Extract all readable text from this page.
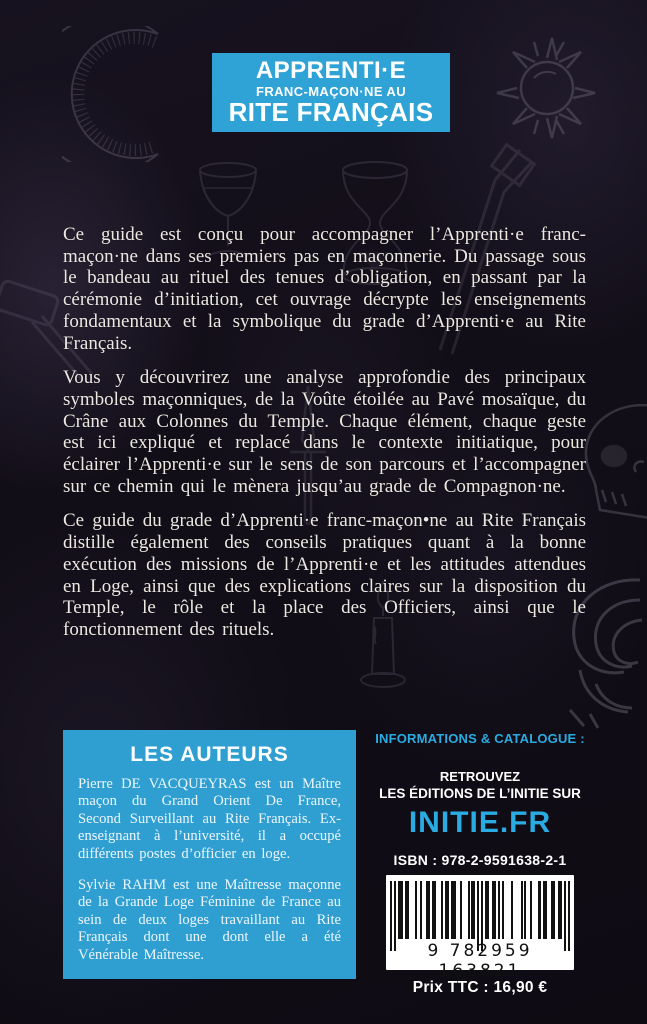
APPRENTI·E
FRANC-MAÇON·NE AU
RITE FRANÇAIS

Ce guide est conçu pour accompagner l’Apprenti·e franc-maçon·ne dans ses premiers pas en maçonnerie. Du passage sous le bandeau au rituel des tenues d’obligation, en passant par la cérémonie d’initiation, cet ouvrage décrypte les enseignements fondamentaux et la symbolique du grade d’Apprenti·e au Rite Français.

Vous y découvrirez une analyse approfondie des principaux symboles maçonniques, de la Voûte étoilée au Pavé mosaïque, du Crâne aux Colonnes du Temple. Chaque élément, chaque geste est ici expliqué et replacé dans le contexte initiatique, pour éclairer l’Apprenti·e sur le sens de son parcours et l’accompagner sur ce chemin qui le mènera jusqu’au grade de Compagnon·ne.

Ce guide du grade d’Apprenti·e franc-maçon•ne au Rite Français distille également des conseils pratiques quant à la bonne exécution des missions de l’Apprenti·e et les attitudes attendues en Loge, ainsi que des explications claires sur la disposition du Temple, le rôle et la place des Officiers, ainsi que le fonctionnement des rituels.

LES AUTEURS

Pierre DE VACQUEYRAS est un Maître maçon du Grand Orient De France, Second Surveillant au Rite Français. Ex-enseignant à l’université, il a occupé différents postes d’officier en loge.

Sylvie RAHM est une Maîtresse maçonne de la Grande Loge Féminine de France au sein de deux loges travaillant au Rite Français dont une dont elle a été Vénérable Maîtresse.

INFORMATIONS & CATALOGUE :
RETROUVEZ
LES ÉDITIONS DE L’INITIE SUR
INITIE.FR
ISBN : 978-2-9591638-2-1
9 782959 163821
Prix TTC : 16,90 €
